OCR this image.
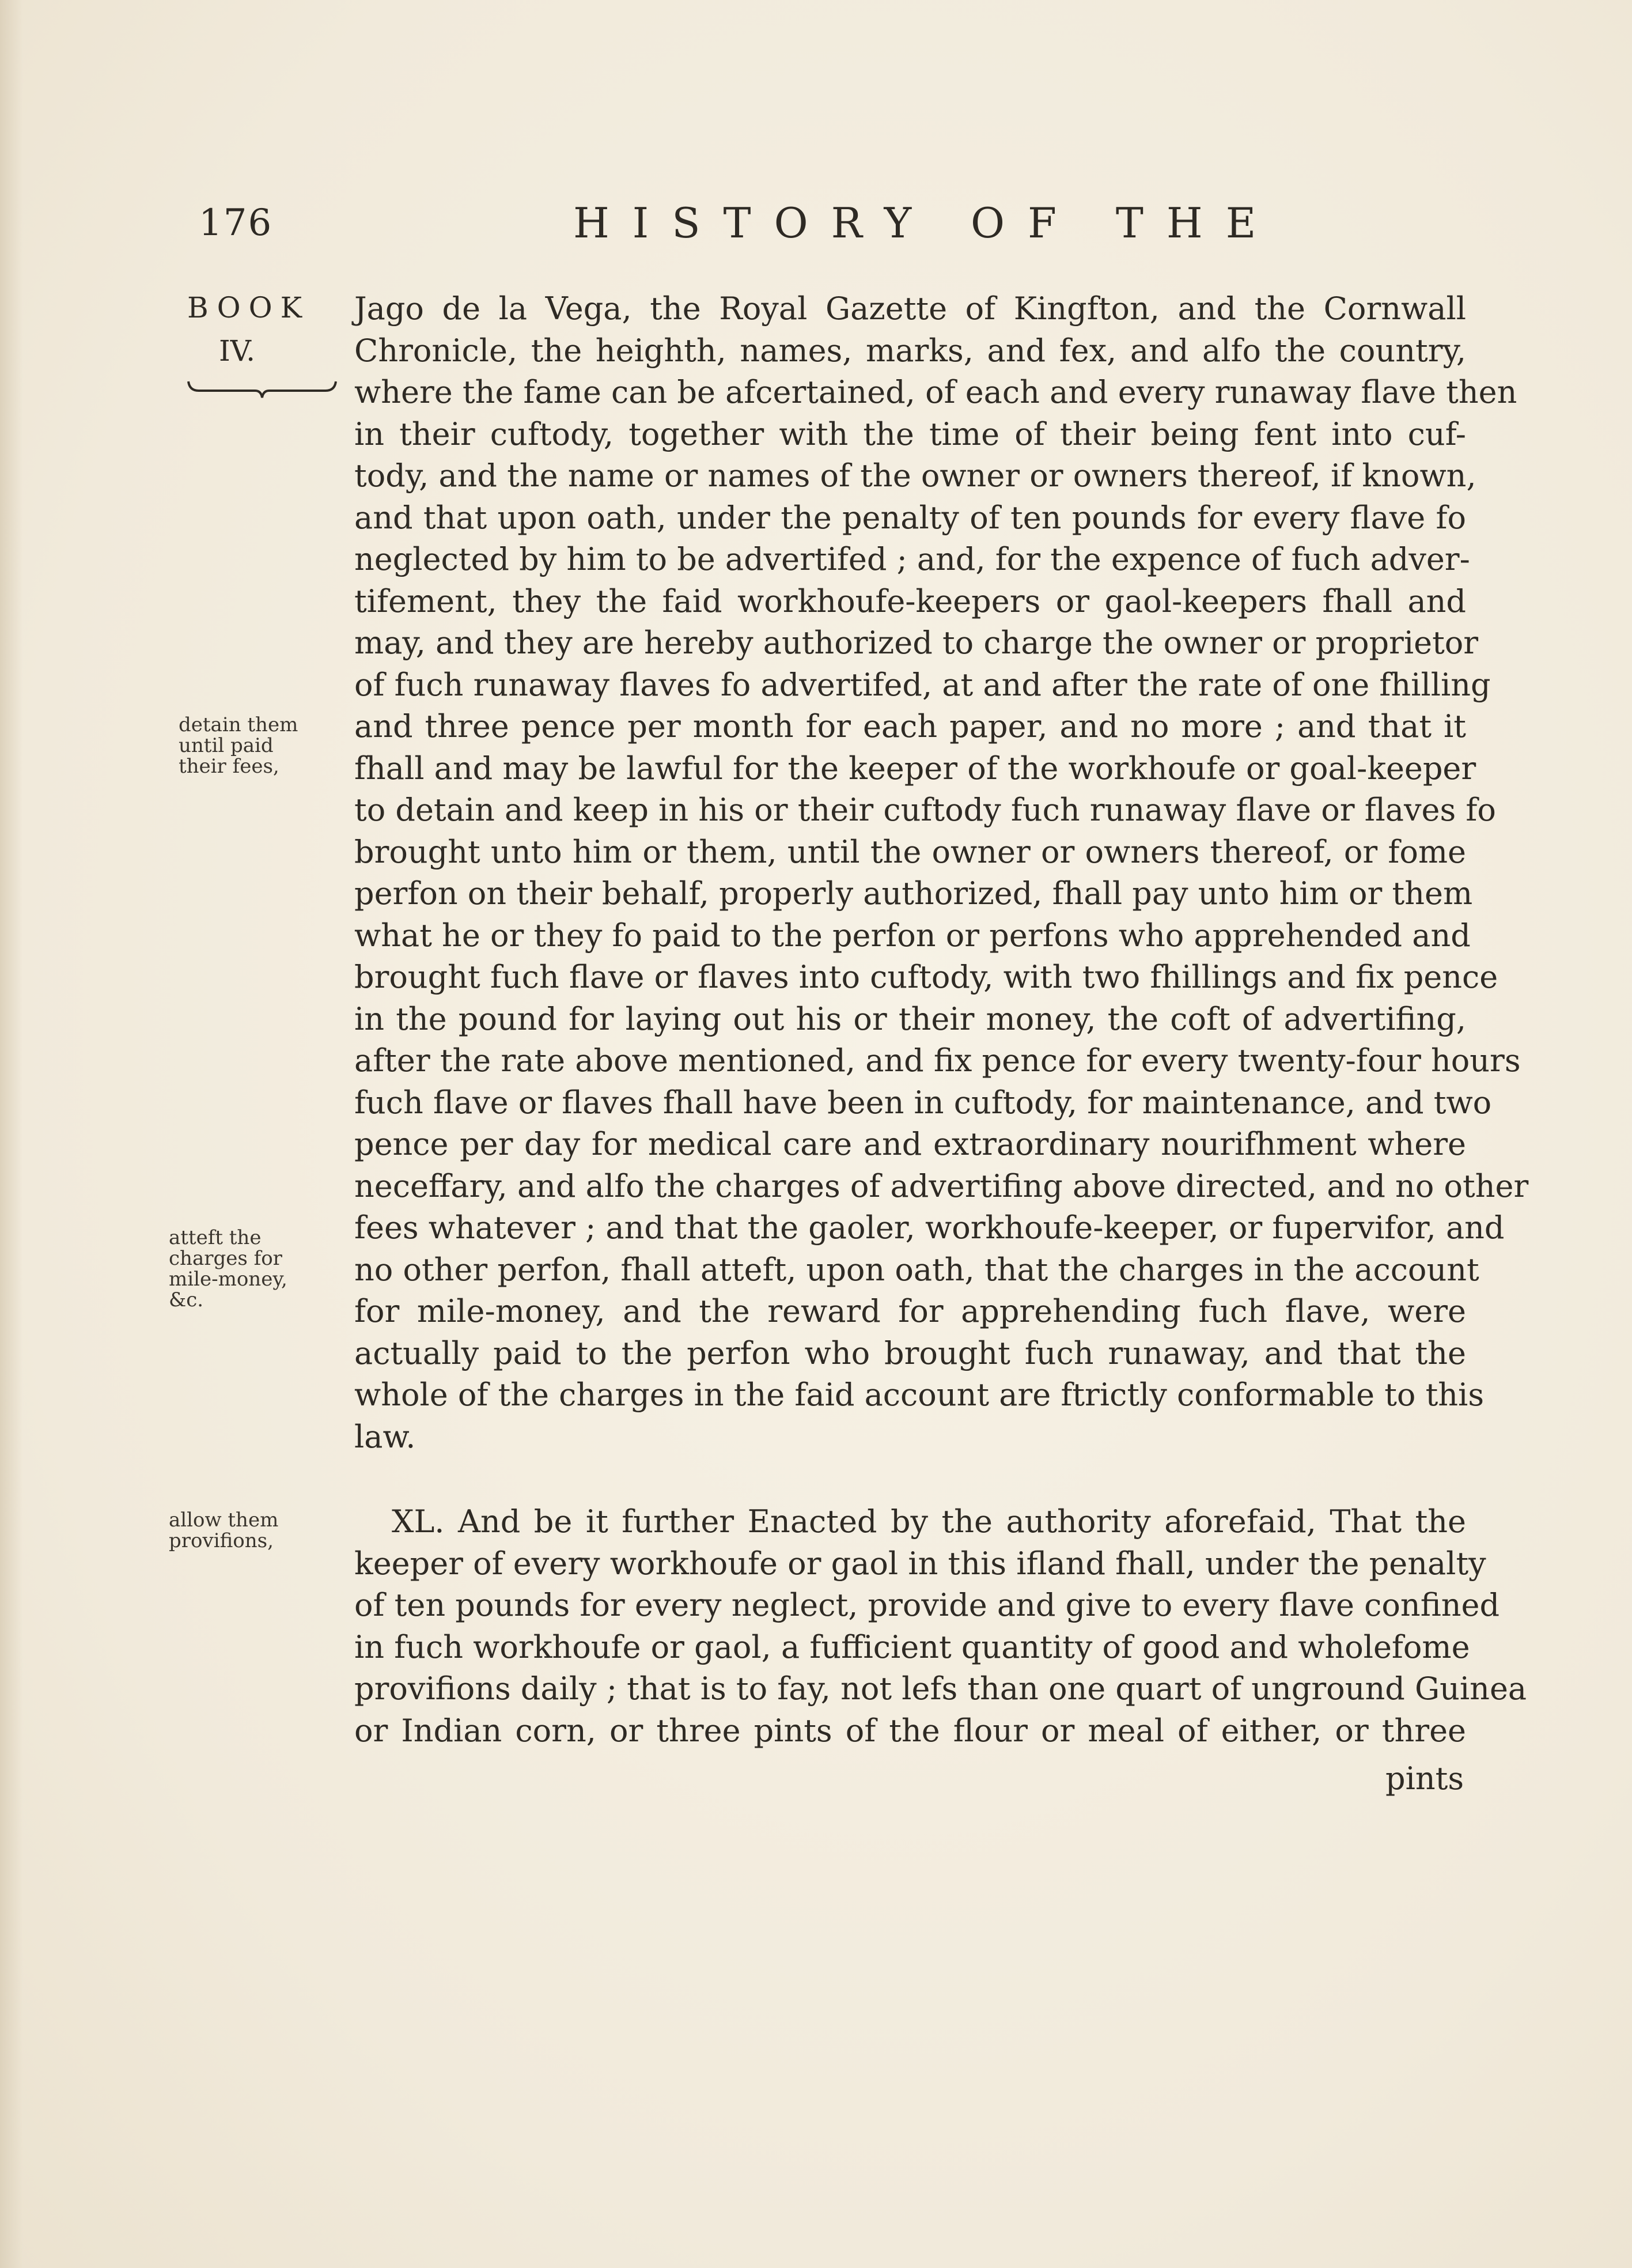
176	HISTORY OF THE
BOOK
IV.
detain them
until paid
their fees,
atteft the
charges for
mile-money,
&c.
allow them
provifions,
Jago de la Vega, the Royal Gazette of Kingfton, and the Cornwall
Chronicle, the heighth, names, marks, and fex, and alfo the country,
where the fame can be afcertained, of each and every runaway flave then
in their cuftody, together with the time of their being fent into cuf-
tody, and the name or names of the owner or owners thereof, if known,
and that upon oath, under the penalty of ten pounds for every flave fo
neglected by him to be advertifed ; and, for the expence of fuch adver-
tifement, they the faid workhoufe-keepers or gaol-keepers fhall and
may, and they are hereby authorized to charge the owner or proprietor
of fuch runaway flaves fo advertifed, at and after the rate of one fhilling
and three pence per month for each paper, and no more ; and that it
fhall and may be lawful for the keeper of the workhoufe or goal-keeper
to detain and keep in his or their cuftody fuch runaway flave or flaves fo
brought unto him or them, until the owner or owners thereof, or fome
perfon on their behalf, properly authorized, fhall pay unto him or them
what he or they fo paid to the perfon or perfons who apprehended and
brought fuch flave or flaves into cuftody, with two fhillings and fix pence
in the pound for laying out his or their money, the coft of advertifing,
after the rate above mentioned, and fix pence for every twenty-four hours
fuch flave or flaves fhall have been in cuftody, for maintenance, and two
pence per day for medical care and extraordinary nourifhment where
neceffary, and alfo the charges of advertifing above directed, and no other
fees whatever ; and that the gaoler, workhoufe-keeper, or fupervifor, and
no other perfon, fhall atteft, upon oath, that the charges in the account
for mile-money, and the reward for apprehending fuch flave, were
actually paid to the perfon who brought fuch runaway, and that the
whole of the charges in the faid account are ftrictly conformable to this
law.
XL. And be it further Enacted by the authority aforefaid, That the
keeper of every workhoufe or gaol in this ifland fhall, under the penalty
of ten pounds for every neglect, provide and give to every flave confined
in fuch workhoufe or gaol, a fufficient quantity of good and wholefome
provifions daily ; that is to fay, not lefs than one quart of unground Guinea
or Indian corn, or three pints of the flour or meal of either, or three
pints
